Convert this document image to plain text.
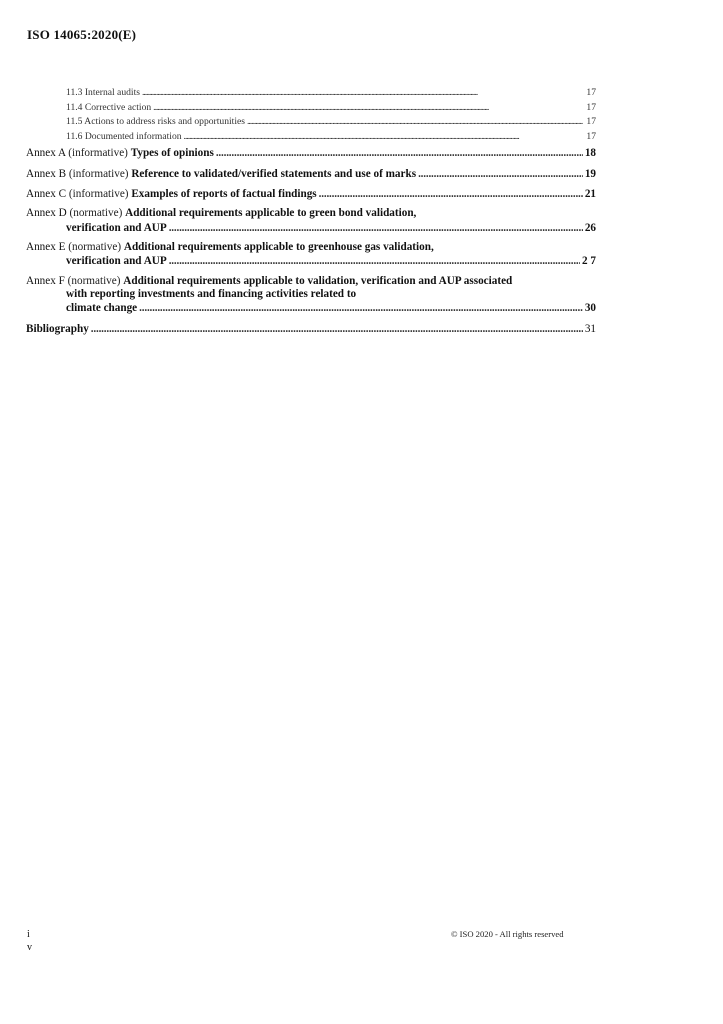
ISO 14065:2020(E)
11.3 Internal audits . . .	17
11.4 Corrective action . . .	17
11.5 Actions to address risks and opportunities . . .	17
11.6 Documented information . . .	17
Annex A (informative) Types of opinions . . .	18
Annex B (informative) Reference to validated/verified statements and use of marks . . .	19
Annex C (informative) Examples of reports of factual findings . . .	21
Annex D (normative) Additional requirements applicable to green bond validation,
verification and AUP . . .	26
Annex E (normative) Additional requirements applicable to greenhouse gas validation,
verification and AUP . . .	2 7
Annex F (normative) Additional requirements applicable to validation, verification and AUP associated
with reporting investments and financing activities related to
climate change . . .	30
Bibliography . . .	31
i
v
© ISO 2020 - All rights reserved
